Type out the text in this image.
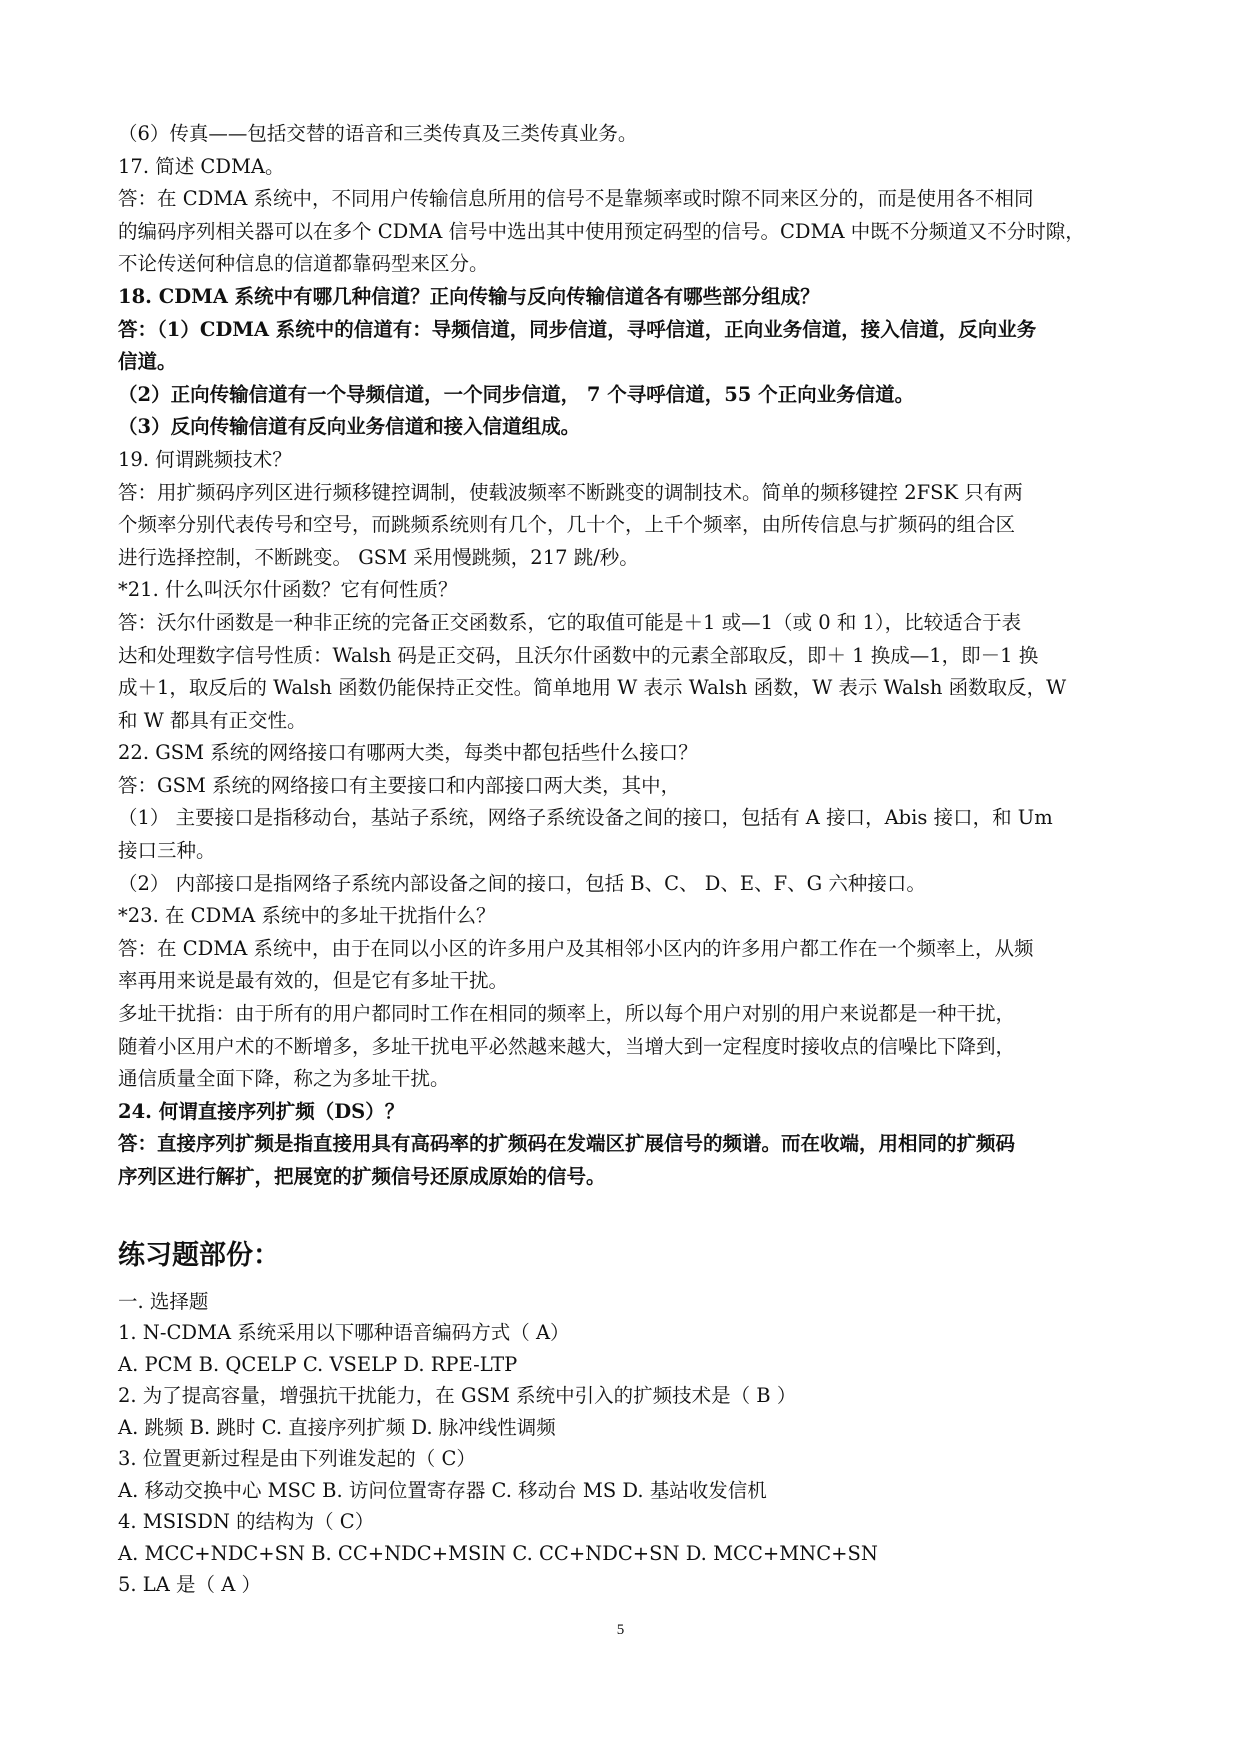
（6）传真——包括交替的语音和三类传真及三类传真业务。
17. 简述 CDMA。
答：在 CDMA 系统中，不同用户传输信息所用的信号不是靠频率或时隙不同来区分的，而是使用各不相同
的编码序列相关器可以在多个 CDMA 信号中选出其中使用预定码型的信号。CDMA 中既不分频道又不分时隙，
不论传送何种信息的信道都靠码型来区分。
18. CDMA 系统中有哪几种信道？正向传输与反向传输信道各有哪些部分组成？
答：（1）CDMA 系统中的信道有：导频信道，同步信道，寻呼信道，正向业务信道，接入信道，反向业务
信道。
（2）正向传输信道有一个导频信道，一个同步信道， 7 个寻呼信道，55 个正向业务信道。
（3）反向传输信道有反向业务信道和接入信道组成。
19. 何谓跳频技术？
答：用扩频码序列区进行频移键控调制，使载波频率不断跳变的调制技术。简单的频移键控 2FSK 只有两
个频率分别代表传号和空号，而跳频系统则有几个，几十个，上千个频率，由所传信息与扩频码的组合区
进行选择控制，不断跳变。 GSM 采用慢跳频，217 跳/秒。
*21. 什么叫沃尔什函数？它有何性质？
答：沃尔什函数是一种非正统的完备正交函数系，它的取值可能是＋1 或—1（或 0 和 1），比较适合于表
达和处理数字信号性质：Walsh 码是正交码，且沃尔什函数中的元素全部取反，即＋ 1 换成—1，即－1 换
成＋1，取反后的 Walsh 函数仍能保持正交性。简单地用 W 表示 Walsh 函数，W 表示 Walsh 函数取反，W
和 W 都具有正交性。
22. GSM 系统的网络接口有哪两大类，每类中都包括些什么接口？
答：GSM 系统的网络接口有主要接口和内部接口两大类，其中，
（1） 主要接口是指移动台，基站子系统，网络子系统设备之间的接口，包括有 A 接口，Abis 接口，和 Um
接口三种。
（2） 内部接口是指网络子系统内部设备之间的接口，包括 B、C、 D、E、F、G 六种接口。
*23. 在 CDMA 系统中的多址干扰指什么？
答：在 CDMA 系统中，由于在同以小区的许多用户及其相邻小区内的许多用户都工作在一个频率上，从频
率再用来说是最有效的，但是它有多址干扰。
多址干扰指：由于所有的用户都同时工作在相同的频率上，所以每个用户对别的用户来说都是一种干扰，
随着小区用户术的不断增多，多址干扰电平必然越来越大，当增大到一定程度时接收点的信噪比下降到，
通信质量全面下降，称之为多址干扰。
24. 何谓直接序列扩频（DS）？
答：直接序列扩频是指直接用具有高码率的扩频码在发端区扩展信号的频谱。而在收端，用相同的扩频码
序列区进行解扩，把展宽的扩频信号还原成原始的信号。
练习题部份：
一. 选择题
1. N-CDMA 系统采用以下哪种语音编码方式（ A）
A. PCM B. QCELP C. VSELP D. RPE-LTP
2. 为了提高容量，增强抗干扰能力，在 GSM 系统中引入的扩频技术是（ B ）
A. 跳频 B. 跳时 C. 直接序列扩频 D. 脉冲线性调频
3. 位置更新过程是由下列谁发起的（ C）
A. 移动交换中心 MSC B. 访问位置寄存器 C. 移动台 MS D. 基站收发信机
4. MSISDN 的结构为（ C）
A. MCC+NDC+SN B. CC+NDC+MSIN C. CC+NDC+SN D. MCC+MNC+SN
5. LA 是（ A ）
5
